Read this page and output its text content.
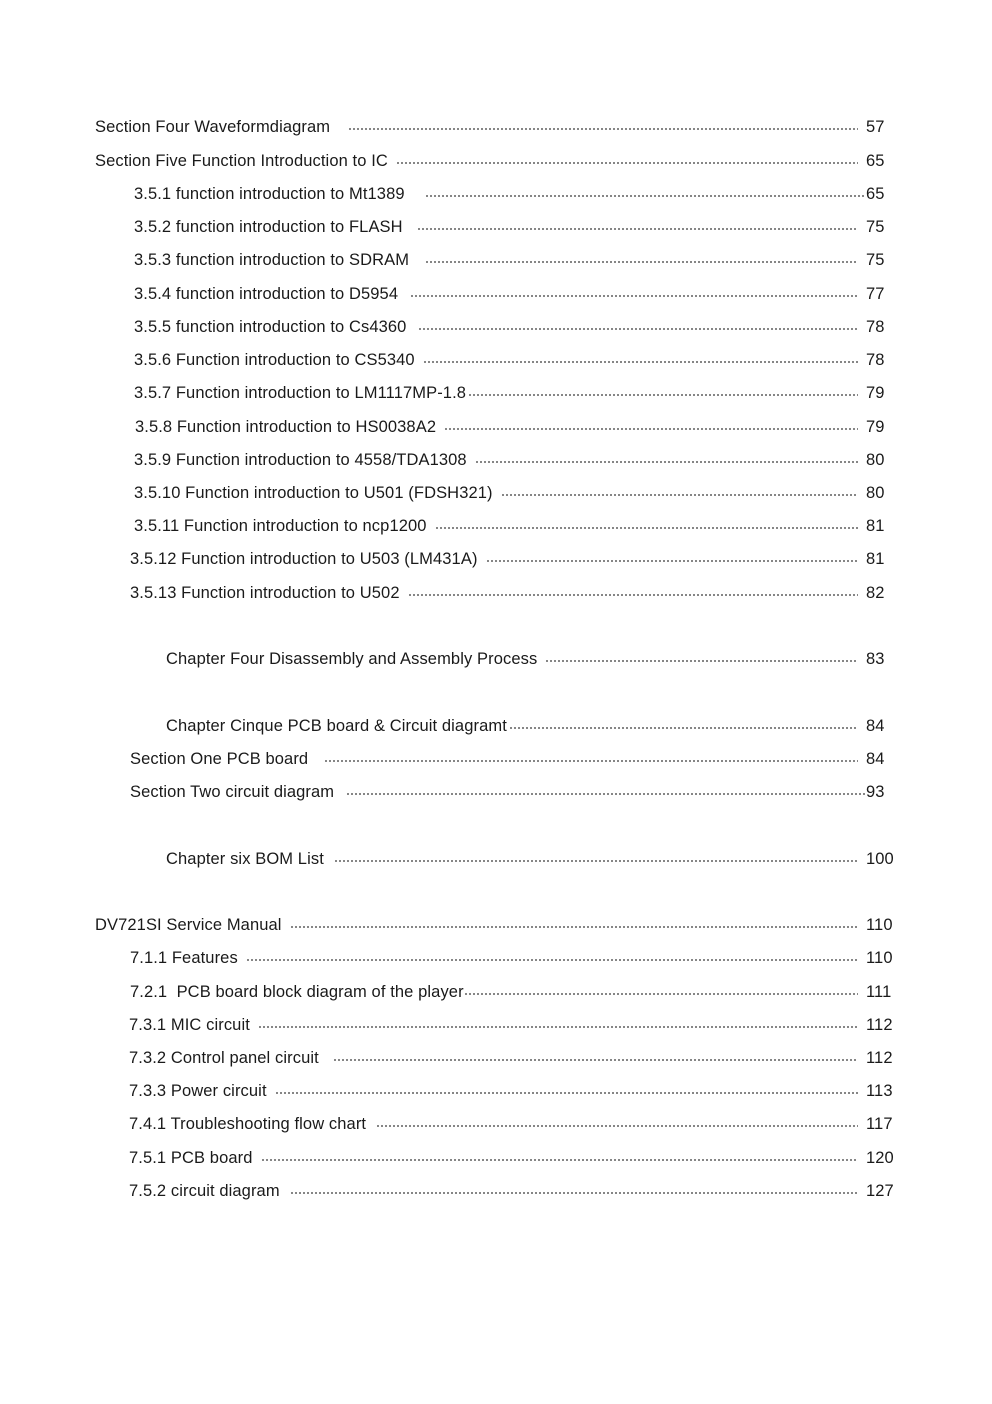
Section Four Waveformdiagram	57
Section Five Function Introduction to IC	65
3.5.1 function introduction to Mt1389	65
3.5.2 function introduction to FLASH	75
3.5.3 function introduction to SDRAM	75
3.5.4 function introduction to D5954	77
3.5.5 function introduction to Cs4360	78
3.5.6 Function introduction to CS5340	78
3.5.7 Function introduction to LM1117MP-1.8	79
3.5.8 Function introduction to HS0038A2	79
3.5.9 Function introduction to 4558/TDA1308	80
3.5.10 Function introduction to U501 (FDSH321)	80
3.5.11 Function introduction to ncp1200	81
3.5.12 Function introduction to U503 (LM431A)	81
3.5.13 Function introduction to U502	82
Chapter Four Disassembly and Assembly Process	83
Chapter Cinque PCB board & Circuit diagramt	84
Section One PCB board	84
Section Two circuit diagram	93
Chapter six BOM List	100
DV721SI Service Manual	110
7.1.1 Features	110
7.2.1  PCB board block diagram of the player	111
7.3.1 MIC circuit	112
7.3.2 Control panel circuit	112
7.3.3 Power circuit	113
7.4.1 Troubleshooting flow chart	117
7.5.1 PCB board	120
7.5.2 circuit diagram	127
